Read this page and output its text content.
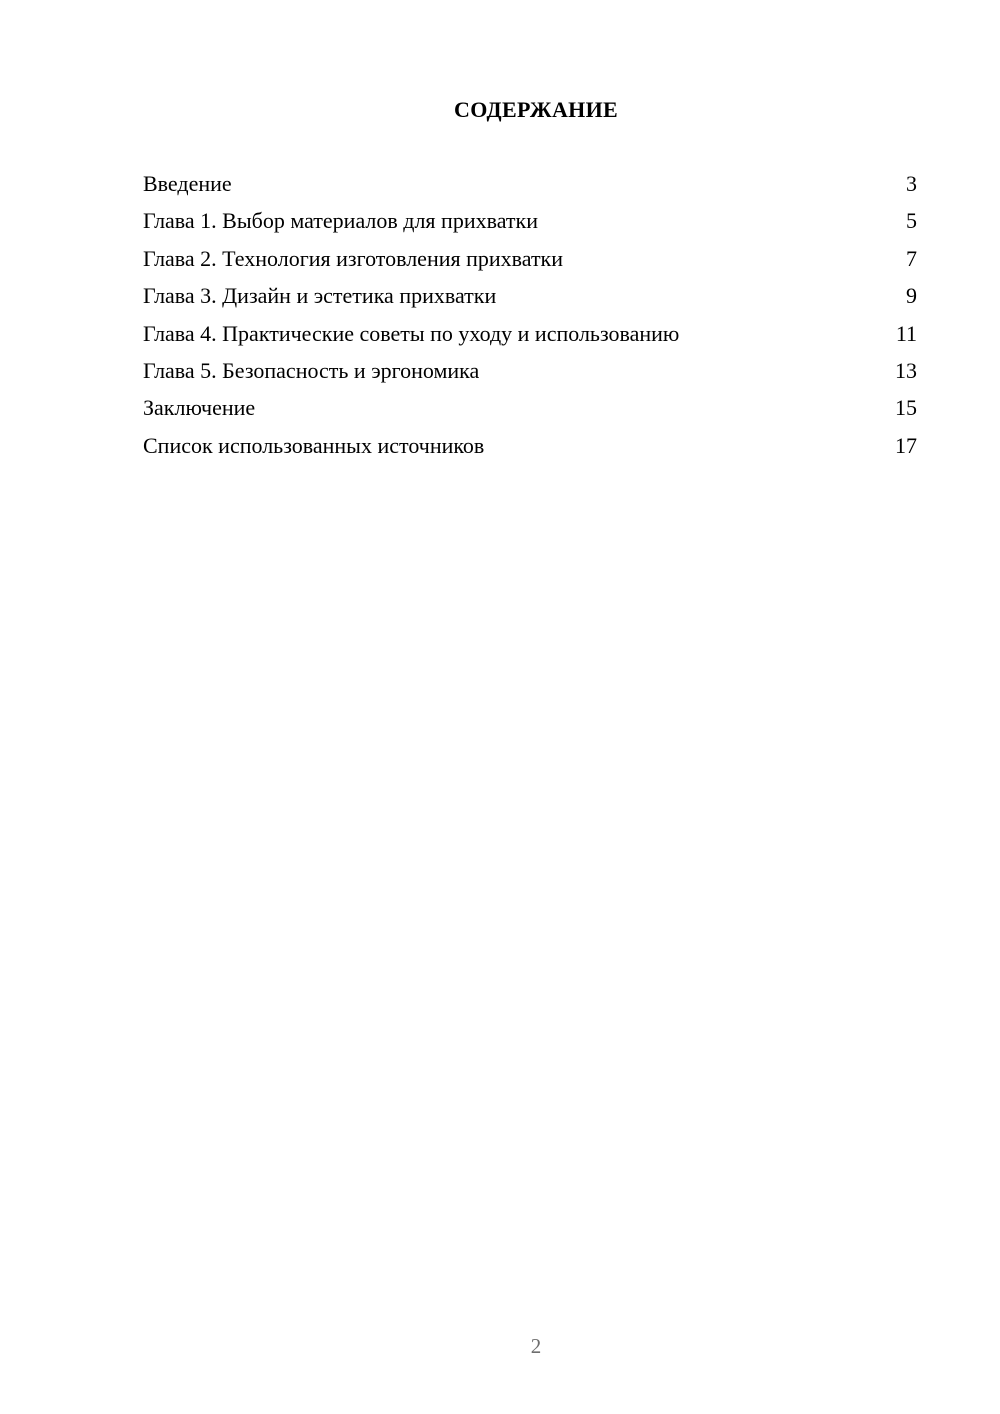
СОДЕРЖАНИЕ
Введение	3
Глава 1. Выбор материалов для прихватки	5
Глава 2. Технология изготовления прихватки	7
Глава 3. Дизайн и эстетика прихватки	9
Глава 4. Практические советы по уходу и использованию	11
Глава 5. Безопасность и эргономика	13
Заключение	15
Список использованных источников	17
2
